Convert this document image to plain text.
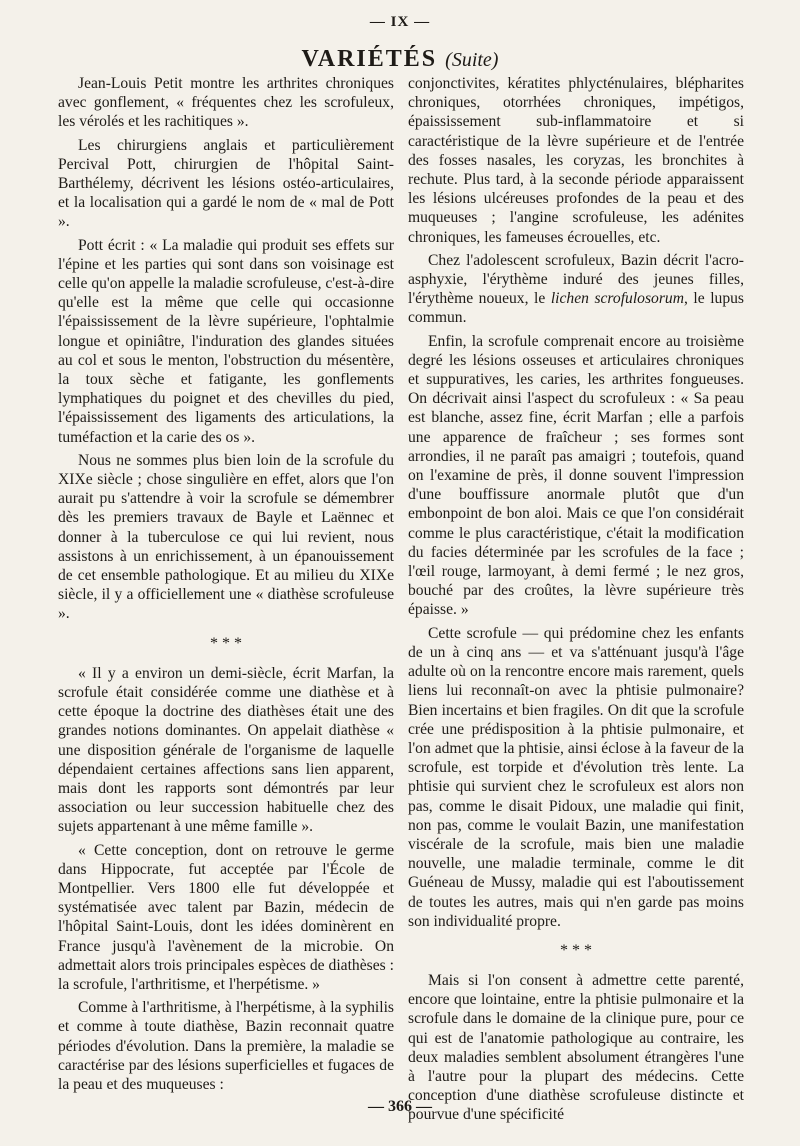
— IX —
VARIÉTÉS (Suite)

Jean-Louis Petit montre les arthrites chroniques avec gonflement, « fréquentes chez les scrofuleux, les vérolés et les rachitiques ».

Les chirurgiens anglais et particulièrement Percival Pott, chirurgien de l'hôpital Saint-Barthélemy, décrivent les lésions ostéo-articulaires, et la localisation qui a gardé le nom de « mal de Pott ».

Pott écrit : « La maladie qui produit ses effets sur l'épine et les parties qui sont dans son voisinage est celle qu'on appelle la maladie scrofuleuse, c'est-à-dire qu'elle est la même que celle qui occasionne l'épaississement de la lèvre supérieure, l'ophtalmie longue et opiniâtre, l'induration des glandes situées au col et sous le menton, l'obstruction du mésentère, la toux sèche et fatigante, les gonflements lymphatiques du poignet et des chevilles du pied, l'épaississement des ligaments des articulations, la tuméfaction et la carie des os ».

Nous ne sommes plus bien loin de la scrofule du XIXe siècle ; chose singulière en effet, alors que l'on aurait pu s'attendre à voir la scrofule se démembrer dès les premiers travaux de Bayle et Laënnec et donner à la tuberculose ce qui lui revient, nous assistons à un enrichissement, à un épanouissement de cet ensemble pathologique. Et au milieu du XIXe siècle, il y a officiellement une « diathèse scrofuleuse ».

* * *

« Il y a environ un demi-siècle, écrit Marfan, la scrofule était considérée comme une diathèse et à cette époque la doctrine des diathèses était une des grandes notions dominantes. On appelait diathèse « une disposition générale de l'organisme de laquelle dépendaient certaines affections sans lien apparent, mais dont les rapports sont démontrés par leur association ou leur succession habituelle chez des sujets appartenant à une même famille ».

« Cette conception, dont on retrouve le germe dans Hippocrate, fut acceptée par l'École de Montpellier. Vers 1800 elle fut développée et systématisée avec talent par Bazin, médecin de l'hôpital Saint-Louis, dont les idées dominèrent en France jusqu'à l'avènement de la microbie. On admettait alors trois principales espèces de diathèses : la scrofule, l'arthritisme, et l'herpétisme. »

Comme à l'arthritisme, à l'herpétisme, à la syphilis et comme à toute diathèse, Bazin reconnait quatre périodes d'évolution. Dans la première, la maladie se caractérise par des lésions superficielles et fugaces de la peau et des muqueuses :

conjonctivites, kératites phlycténulaires, blépharites chroniques, otorrhées chroniques, impétigos, épaississement sub-inflammatoire et si caractéristique de la lèvre supérieure et de l'entrée des fosses nasales, les coryzas, les bronchites à rechute. Plus tard, à la seconde période apparaissent les lésions ulcéreuses profondes de la peau et des muqueuses ; l'angine scrofuleuse, les adénites chroniques, les fameuses écrouelles, etc.

Chez l'adolescent scrofuleux, Bazin décrit l'acro-asphyxie, l'érythème induré des jeunes filles, l'érythème noueux, le lichen scrofulosorum, le lupus commun.

Enfin, la scrofule comprenait encore au troisième degré les lésions osseuses et articulaires chroniques et suppuratives, les caries, les arthrites fongueuses. On décrivait ainsi l'aspect du scrofuleux : « Sa peau est blanche, assez fine, écrit Marfan ; elle a parfois une apparence de fraîcheur ; ses formes sont arrondies, il ne paraît pas amaigri ; toutefois, quand on l'examine de près, il donne souvent l'impression d'une bouffissure anormale plutôt que d'un embonpoint de bon aloi. Mais ce que l'on considérait comme le plus caractéristique, c'était la modification du facies déterminée par les scrofules de la face ; l'œil rouge, larmoyant, à demi fermé ; le nez gros, bouché par des croûtes, la lèvre supérieure très épaisse. »

Cette scrofule — qui prédomine chez les enfants de un à cinq ans — et va s'atténuant jusqu'à l'âge adulte où on la rencontre encore mais rarement, quels liens lui reconnaît-on avec la phtisie pulmonaire? Bien incertains et bien fragiles. On dit que la scrofule crée une prédisposition à la phtisie pulmonaire, et l'on admet que la phtisie, ainsi éclose à la faveur de la scrofule, est torpide et d'évolution très lente. La phtisie qui survient chez le scrofuleux est alors non pas, comme le disait Pidoux, une maladie qui finit, non pas, comme le voulait Bazin, une manifestation viscérale de la scrofule, mais bien une maladie nouvelle, une maladie terminale, comme le dit Guéneau de Mussy, maladie qui est l'aboutissement de toutes les autres, mais qui n'en garde pas moins son individualité propre.

* * *

Mais si l'on consent à admettre cette parenté, encore que lointaine, entre la phtisie pulmonaire et la scrofule dans le domaine de la clinique pure, pour ce qui est de l'anatomie pathologique au contraire, les deux maladies semblent absolument étrangères l'une à l'autre pour la plupart des médecins. Cette conception d'une diathèse scrofuleuse distincte et pourvue d'une spécificité

— 366 —
